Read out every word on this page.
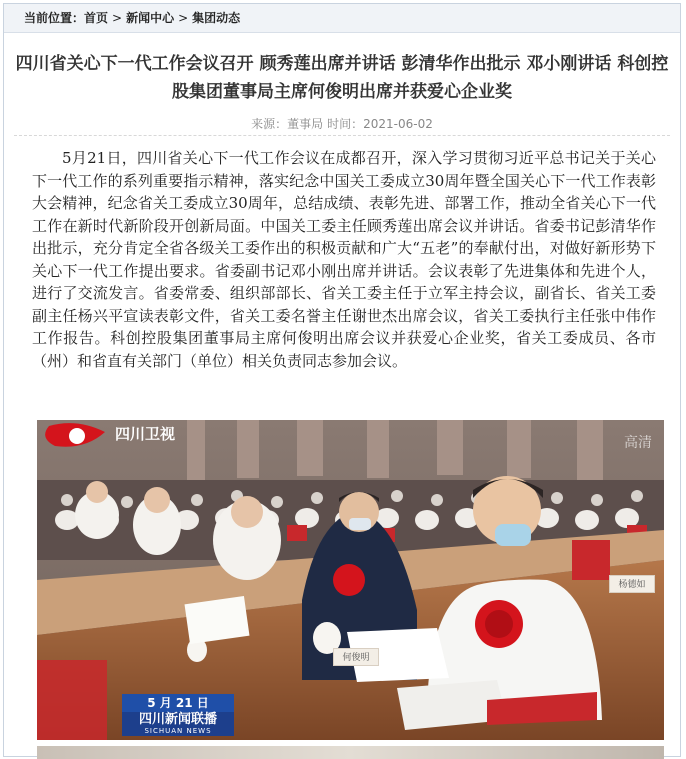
当前位置：首页 > 新闻中心 > 集团动态
四川省关心下一代工作会议召开 顾秀莲出席并讲话 彭清华作出批示 邓小刚讲话 科创控股集团董事局主席何俊明出席并获爱心企业奖
来源：董事局 时间：2021-06-02

5月21日，四川省关心下一代工作会议在成都召开，深入学习贯彻习近平总书记关于关心下一代工作的系列重要指示精神，落实纪念中国关工委成立30周年暨全国关心下一代工作表彰大会精神，纪念省关工委成立30周年，总结成绩、表彰先进、部署工作，推动全省关心下一代工作在新时代新阶段开创新局面。中国关工委主任顾秀莲出席会议并讲话。省委书记彭清华作出批示，充分肯定全省各级关工委作出的积极贡献和广大“五老”的奉献付出，对做好新形势下关心下一代工作提出要求。省委副书记邓小刚出席并讲话。会议表彰了先进集体和先进个人，进行了交流发言。省委常委、组织部部长、省关工委主任于立军主持会议，副省长、省关工委副主任杨兴平宣读表彰文件，省关工委名誉主任谢世杰出席会议，省关工委执行主任张中伟作工作报告。科创控股集团董事局主席何俊明出席会议并获爱心企业奖，省关工委成员、各市（州）和省直有关部门（单位）相关负责同志参加会议。

四川卫视	高清
何俊明
杨德如
5 月 21 日
四川新闻联播
SICHUAN NEWS
